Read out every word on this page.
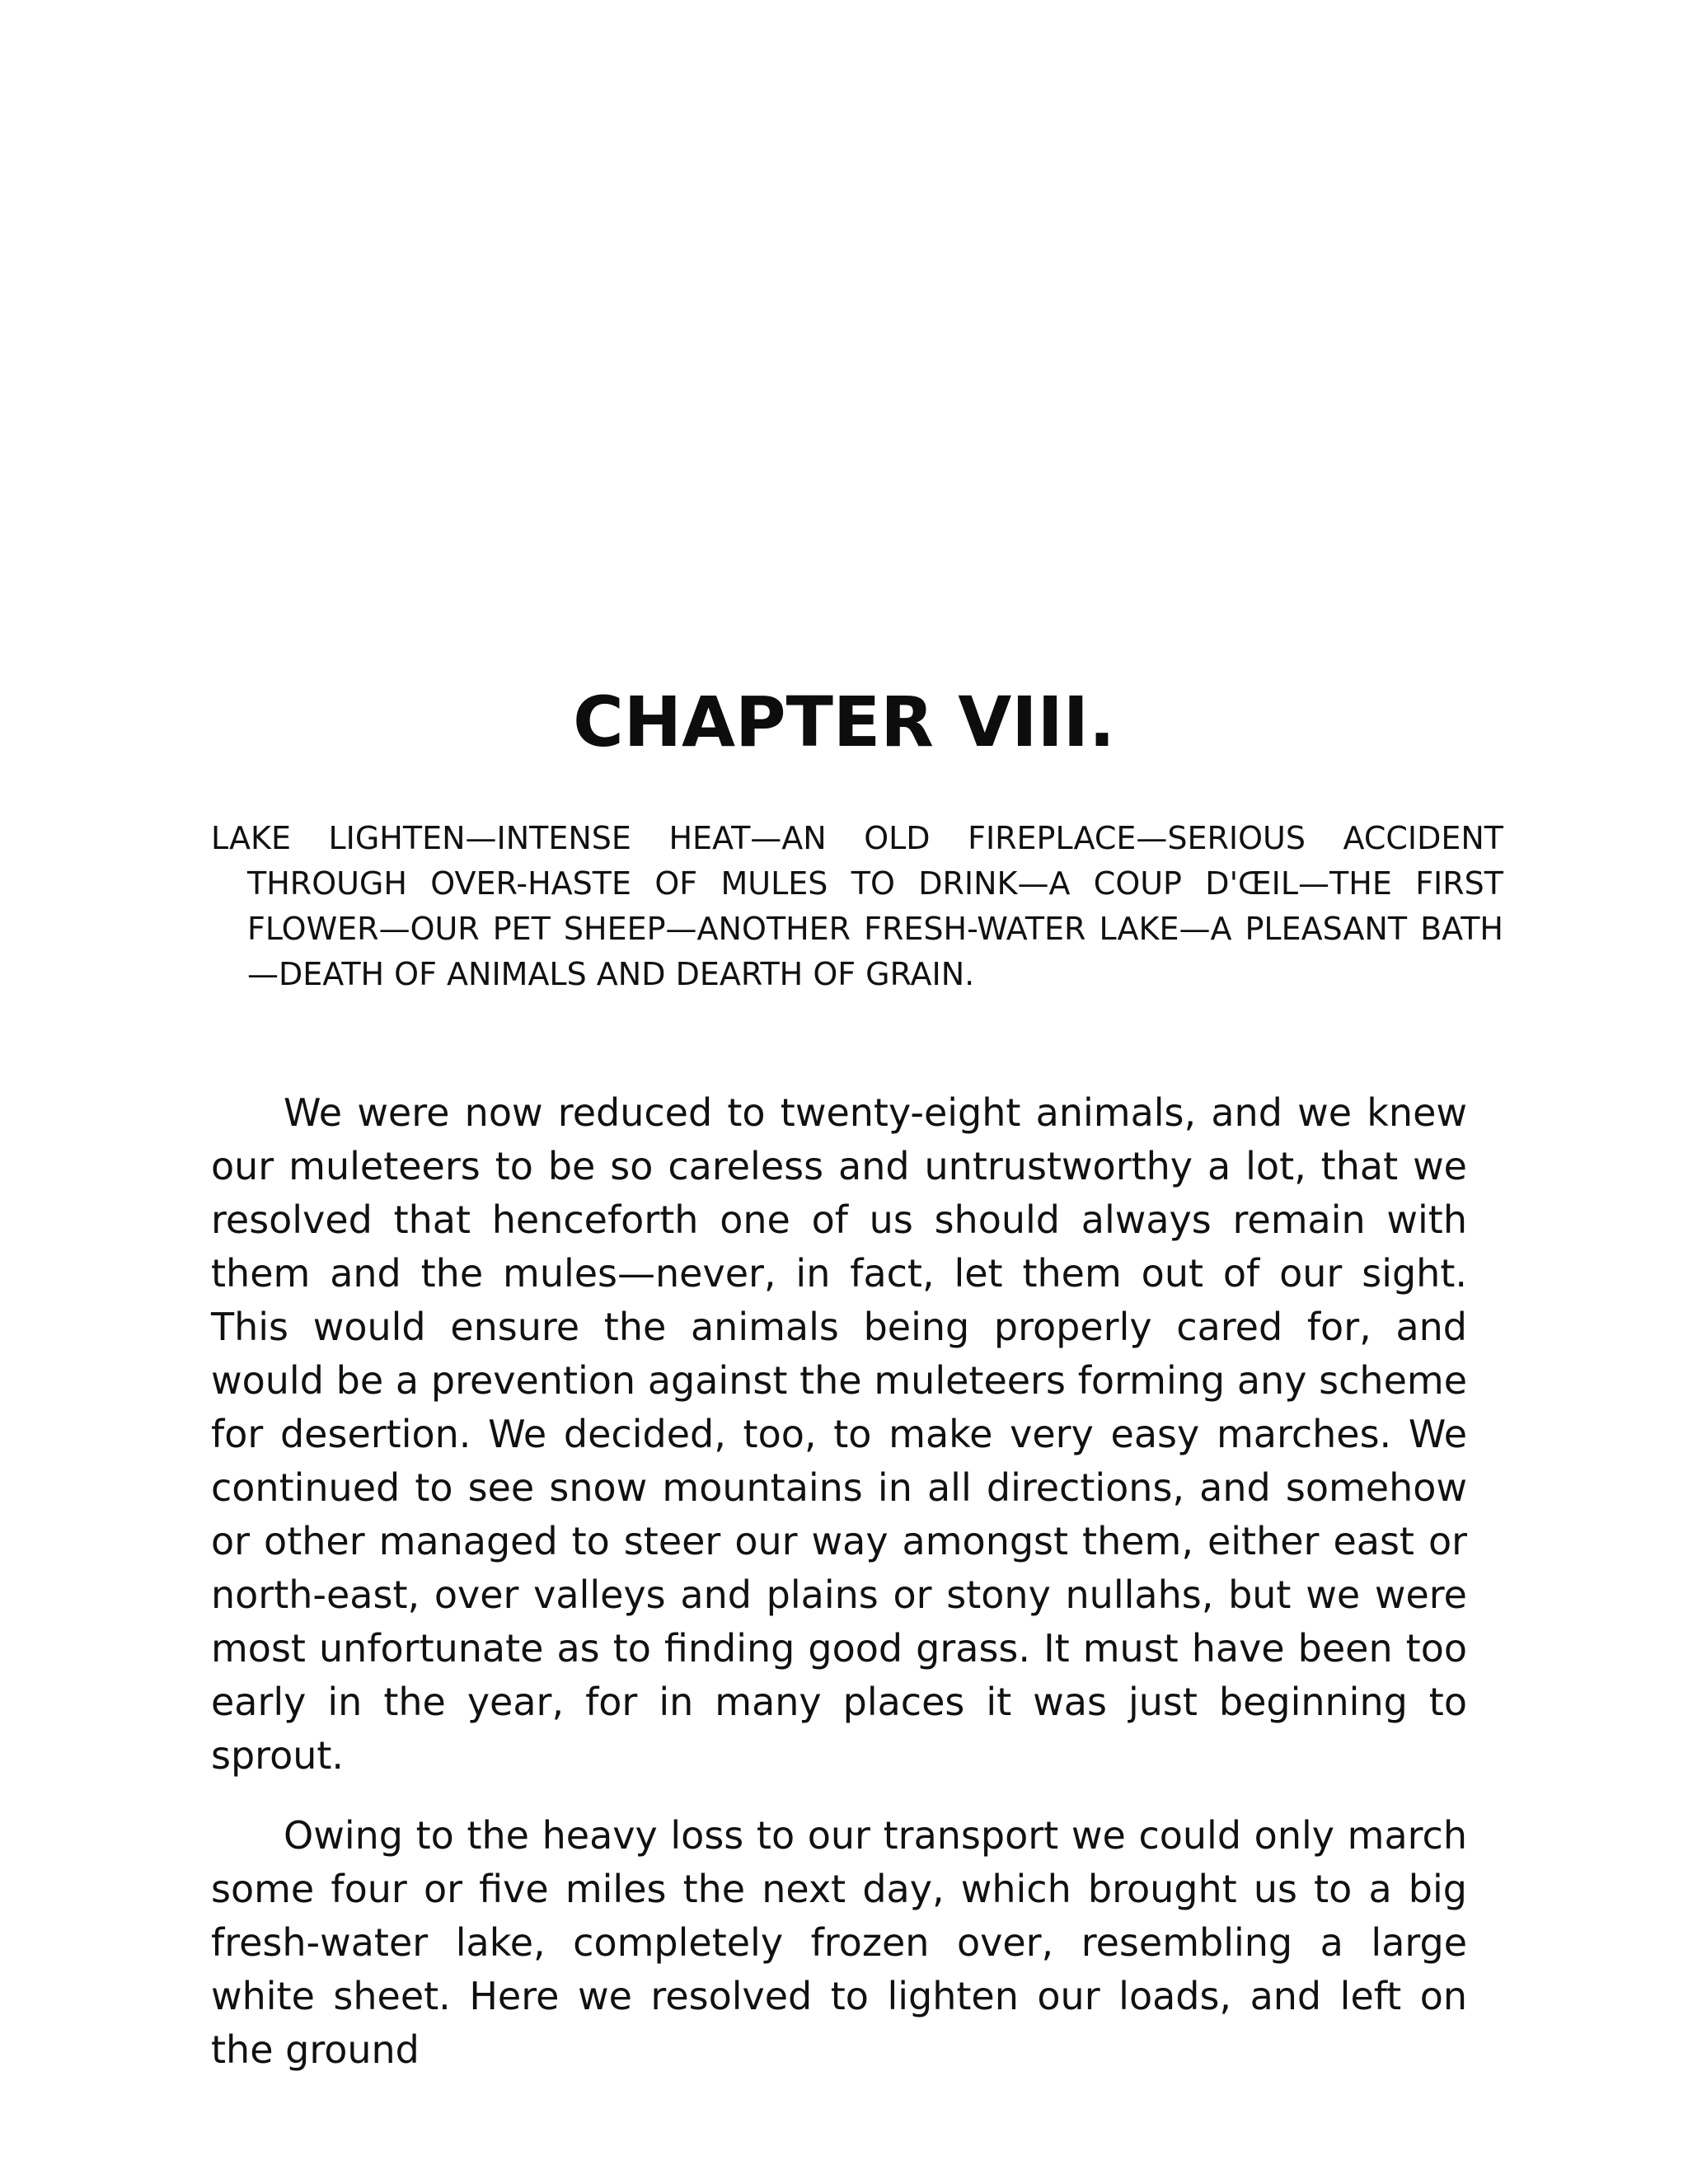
CHAPTER VIII.

LAKE LIGHTEN—INTENSE HEAT—AN OLD FIREPLACE—SERIOUS ACCIDENT THROUGH OVER-HASTE OF MULES TO DRINK—A COUP D'ŒIL—THE FIRST FLOWER—OUR PET SHEEP—ANOTHER FRESH-WATER LAKE—A PLEASANT BATH —DEATH OF ANIMALS AND DEARTH OF GRAIN.

We were now reduced to twenty-eight animals, and we knew our muleteers to be so careless and untrustworthy a lot, that we resolved that henceforth one of us should always remain with them and the mules—never, in fact, let them out of our sight. This would ensure the animals being properly cared for, and would be a prevention against the muleteers forming any scheme for desertion. We decided, too, to make very easy marches. We continued to see snow mountains in all directions, and somehow or other managed to steer our way amongst them, either east or north-east, over valleys and plains or stony nullahs, but we were most unfortunate as to finding good grass. It must have been too early in the year, for in many places it was just beginning to sprout.

Owing to the heavy loss to our transport we could only march some four or five miles the next day, which brought us to a big fresh-water lake, completely frozen over, resembling a large white sheet. Here we resolved to lighten our loads, and left on the ground
